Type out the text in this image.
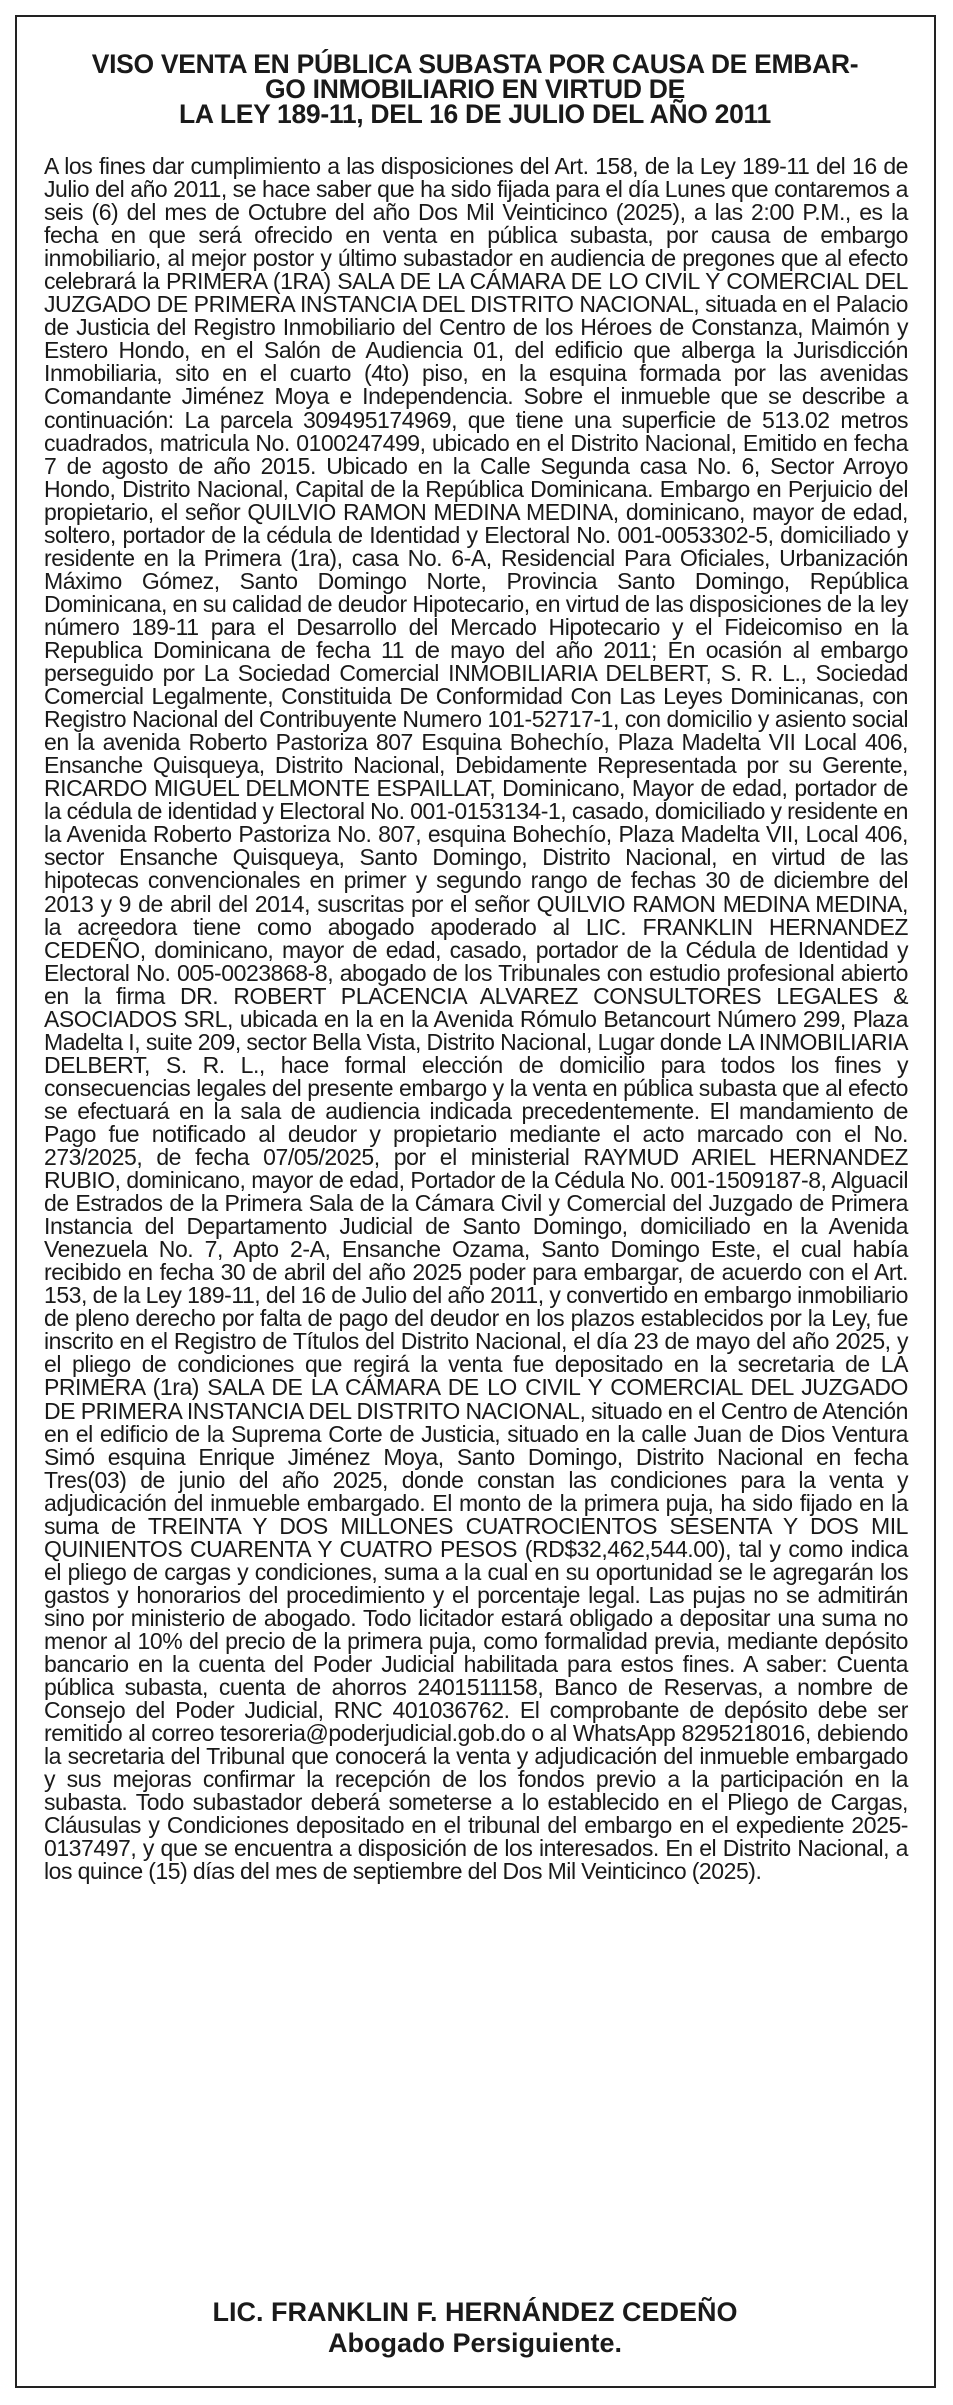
VISO VENTA EN PÚBLICA SUBASTA POR CAUSA DE EMBAR-
GO INMOBILIARIO EN VIRTUD DE
LA LEY 189-11, DEL 16 DE JULIO DEL AÑO 2011

A los fines dar cumplimiento a las disposiciones del Art. 158, de la Ley 189-11 del 16 de Julio del año 2011, se hace saber que ha sido fijada para el día Lunes que contaremos a seis (6) del mes de Octubre del año Dos Mil Veinticinco (2025), a las 2:00 P.M., es la fecha en que será ofrecido en venta en pública subasta, por causa de embargo inmobiliario, al mejor postor y último subastador en audiencia de pregones que al efecto celebrará la PRIMERA (1RA) SALA DE LA CÁMARA DE LO CIVIL Y COMERCIAL DEL JUZGADO DE PRIMERA INSTANCIA DEL DISTRITO NACIONAL, situada en el Palacio de Justicia del Registro Inmobiliario del Centro de los Héroes de Constanza, Maimón y Estero Hondo, en el Salón de Audiencia 01, del edificio que alberga la Jurisdicción Inmobiliaria, sito en el cuarto (4to) piso, en la esquina formada por las avenidas Comandante Jiménez Moya e Independencia. Sobre el inmueble que se describe a continuación: La parcela 309495174969, que tiene una superficie de 513.02 metros cuadrados, matricula No. 0100247499, ubicado en el Distrito Nacional, Emitido en fecha 7 de agosto de año 2015. Ubicado en la Calle Segunda casa No. 6, Sector Arroyo Hondo, Distrito Nacional, Capital de la República Dominicana. Embargo en Perjuicio del propietario, el señor QUILVIO RAMON MEDINA MEDINA, dominicano, mayor de edad, soltero, portador de la cédula de Identidad y Electoral No. 001-0053302-5, domiciliado y residente en la Primera (1ra), casa No. 6-A, Residencial Para Oficiales, Urbanización Máximo Gómez, Santo Domingo Norte, Provincia Santo Domingo, República Dominicana, en su calidad de deudor Hipotecario, en virtud de las disposiciones de la ley número 189-11 para el Desarrollo del Mercado Hipotecario y el Fideicomiso en la Republica Dominicana de fecha 11 de mayo del año 2011; En ocasión al embargo perseguido por La Sociedad Comercial INMOBILIARIA DELBERT, S. R. L., Sociedad Comercial Legalmente, Constituida De Conformidad Con Las Leyes Dominicanas, con Registro Nacional del Contribuyente Numero 101-52717-1, con domicilio y asiento social en la avenida Roberto Pastoriza 807 Esquina Bohechío, Plaza Madelta VII Local 406, Ensanche Quisqueya, Distrito Nacional, Debidamente Representada por su Gerente, RICARDO MIGUEL DELMONTE ESPAILLAT, Dominicano, Mayor de edad, portador de la cédula de identidad y Electoral No. 001-0153134-1, casado, domiciliado y residente en la Avenida Roberto Pastoriza No. 807, esquina Bohechío, Plaza Madelta VII, Local 406, sector Ensanche Quisqueya, Santo Domingo, Distrito Nacional, en virtud de las hipotecas convencionales en primer y segundo rango de fechas 30 de diciembre del 2013 y 9 de abril del 2014, suscritas por el señor QUILVIO RAMON MEDINA MEDINA, la acreedora tiene como abogado apoderado al LIC. FRANKLIN HERNANDEZ CEDEÑO, dominicano, mayor de edad, casado, portador de la Cédula de Identidad y Electoral No. 005-0023868-8, abogado de los Tribunales con estudio profesional abierto en la firma DR. ROBERT PLACENCIA ALVAREZ CONSULTORES LEGALES & ASOCIADOS SRL, ubicada en la en la Avenida Rómulo Betancourt Número 299, Plaza Madelta I, suite 209, sector Bella Vista, Distrito Nacional, Lugar donde LA INMOBILIARIA DELBERT, S. R. L., hace formal elección de domicilio para todos los fines y consecuencias legales del presente embargo y la venta en pública subasta que al efecto se efectuará en la sala de audiencia indicada precedentemente. El mandamiento de Pago fue notificado al deudor y propietario mediante el acto marcado con el No. 273/2025, de fecha 07/05/2025, por el ministerial RAYMUD ARIEL HERNANDEZ RUBIO, dominicano, mayor de edad, Portador de la Cédula No. 001-1509187-8, Alguacil de Estrados de la Primera Sala de la Cámara Civil y Comercial del Juzgado de Primera Instancia del Departamento Judicial de Santo Domingo, domiciliado en la Avenida Venezuela No. 7, Apto 2-A, Ensanche Ozama, Santo Domingo Este, el cual había recibido en fecha 30 de abril del año 2025 poder para embargar, de acuerdo con el Art. 153, de la Ley 189-11, del 16 de Julio del año 2011, y convertido en embargo inmobiliario de pleno derecho por falta de pago del deudor en los plazos establecidos por la Ley, fue inscrito en el Registro de Títulos del Distrito Nacional, el día 23 de mayo del año 2025, y el pliego de condiciones que regirá la venta fue depositado en la secretaria de LA PRIMERA (1ra) SALA DE LA CÁMARA DE LO CIVIL Y COMERCIAL DEL JUZGADO DE PRIMERA INSTANCIA DEL DISTRITO NACIONAL, situado en el Centro de Atención en el edificio de la Suprema Corte de Justicia, situado en la calle Juan de Dios Ventura Simó esquina Enrique Jiménez Moya, Santo Domingo, Distrito Nacional en fecha Tres(03) de junio del año 2025, donde constan las condiciones para la venta y adjudicación del inmueble embargado. El monto de la primera puja, ha sido fijado en la suma de TREINTA Y DOS MILLONES CUATROCIENTOS SESENTA Y DOS MIL QUINIENTOS CUARENTA Y CUATRO PESOS (RD$32,462,544.00), tal y como indica el pliego de cargas y condiciones, suma a la cual en su oportunidad se le agregarán los gastos y honorarios del procedimiento y el porcentaje legal. Las pujas no se admitirán sino por ministerio de abogado. Todo licitador estará obligado a depositar una suma no menor al 10% del precio de la primera puja, como formalidad previa, mediante depósito bancario en la cuenta del Poder Judicial habilitada para estos fines. A saber: Cuenta pública subasta, cuenta de ahorros 2401511158, Banco de Reservas, a nombre de Consejo del Poder Judicial, RNC 401036762. El comprobante de depósito debe ser remitido al correo tesoreria@poderjudicial.gob.do o al WhatsApp 8295218016, debiendo la secretaria del Tribunal que conocerá la venta y adjudicación del inmueble embargado y sus mejoras confirmar la recepción de los fondos previo a la participación en la subasta. Todo subastador deberá someterse a lo establecido en el Pliego de Cargas, Cláusulas y Condiciones depositado en el tribunal del embargo en el expediente 2025-0137497, y que se encuentra a disposición de los interesados. En el Distrito Nacional, a los quince (15) días del mes de septiembre del Dos Mil Veinticinco (2025).

LIC. FRANKLIN F. HERNÁNDEZ CEDEÑO
Abogado Persiguiente.
